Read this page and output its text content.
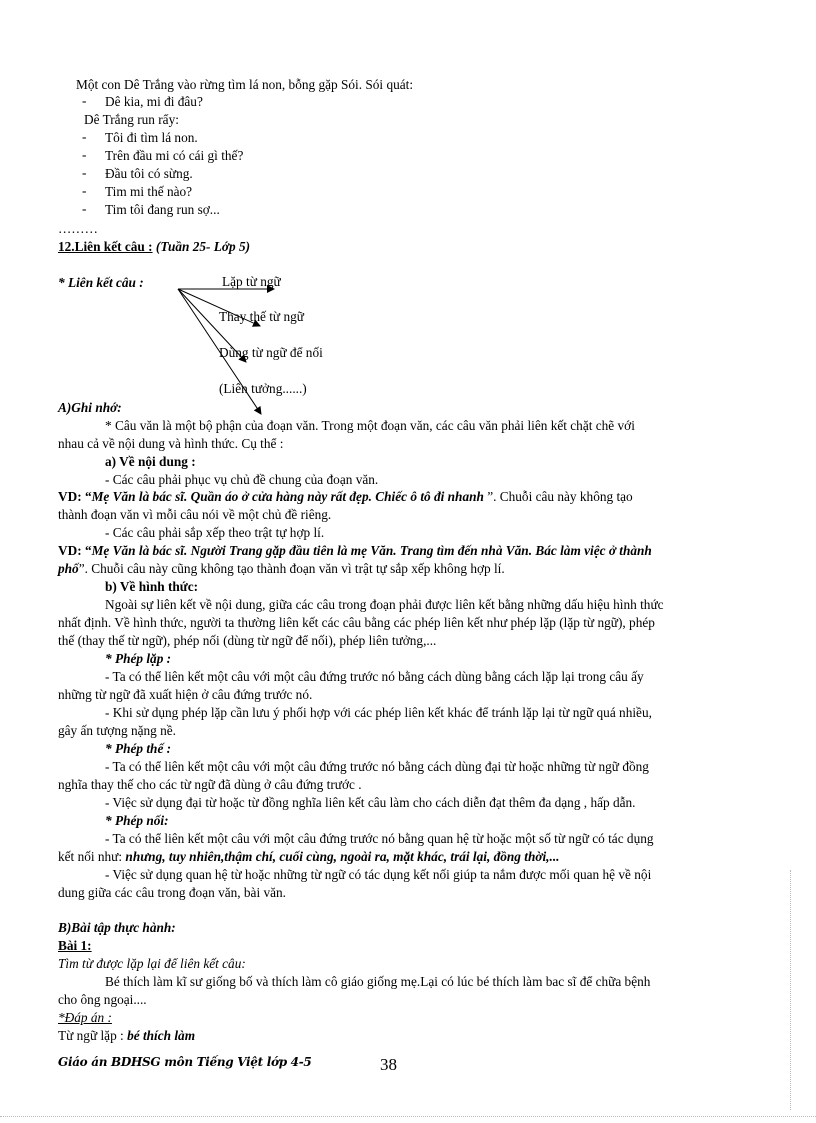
Một con Dê Trắng vào rừng tìm lá non, bỗng gặp Sói. Sói quát:
- Dê kia, mi đi đâu?
Dê Trắng run rẩy:
- Tôi đi tìm lá non.
- Trên đầu mi có cái gì thế?
- Đầu tôi có sừng.
- Tim mi thế nào?
- Tim tôi đang run sợ...
………
12.Liên kết câu : (Tuần 25- Lớp 5)
* Liên kết câu :	Lặp từ ngữ
Thay thế từ ngữ
Dùng từ ngữ để nối
(Liên tưởng......)
A)Ghi nhớ:
* Câu văn là một bộ phận của đoạn văn. Trong một đoạn văn, các câu văn phải liên kết chặt chẽ với
nhau cả về nội dung và hình thức. Cụ thể :
a) Về nội dung :
- Các câu phải phục vụ chủ đề chung của đoạn văn.
VD: “Mẹ Văn là bác sĩ. Quần áo ở cửa hàng này rất đẹp. Chiếc ô tô đi nhanh ”. Chuỗi câu này không tạo
thành đoạn văn vì mỗi câu nói về một chủ đề riêng.
- Các câu phải sắp xếp theo trật tự hợp lí.
VD: “Mẹ Văn là bác sĩ. Người Trang gặp đầu tiên là mẹ Văn. Trang tìm đến nhà Văn. Bác làm việc ở thành
phố”. Chuỗi câu này cũng không tạo thành đoạn văn vì trật tự sắp xếp không hợp lí.
b) Về hình thức:
Ngoài sự liên kết về nội dung, giữa các câu trong đoạn phải được liên kết bằng những dấu hiệu hình thức
nhất định. Về hình thức, người ta thường liên kết các câu bằng các phép liên kết như phép lặp (lặp từ ngữ), phép
thế (thay thế từ ngữ), phép nối (dùng từ ngữ để nối), phép liên tưởng,...
* Phép lặp :
- Ta có thể liên kết một câu với một câu đứng trước nó bằng cách dùng bằng cách lặp lại trong câu ấy
những từ ngữ đã xuất hiện ở câu đứng trước nó.
- Khi sử dụng phép lặp cần lưu ý phối hợp với các phép liên kết khác để tránh lặp lại từ ngữ quá nhiều,
gây ấn tượng nặng nề.
* Phép thế :
- Ta có thể liên kết một câu với một câu đứng trước nó bằng cách dùng đại từ hoặc những từ ngữ đồng
nghĩa thay thế cho các từ ngữ đã dùng ở câu đứng trước .
- Việc sử dụng đại từ hoặc từ đồng nghĩa liên kết câu làm cho cách diễn đạt thêm đa dạng , hấp dẫn.
* Phép nối:
- Ta có thể liên kết một câu với một câu đứng trước nó bằng quan hệ từ hoặc một số từ ngữ có tác dụng
kết nối như: nhưng, tuy nhiên,thậm chí, cuối cùng, ngoài ra, mặt khác, trái lại, đồng thời,...
- Việc sử dụng quan hệ từ hoặc những từ ngữ có tác dụng kết nối giúp ta nắm được mối quan hệ về nội
dung giữa các câu trong đoạn văn, bài văn.
B)Bài tập thực hành:
Bài 1:
Tìm từ được lặp lại để liên kết câu:
Bé thích làm kĩ sư giống bố và thích làm cô giáo giống mẹ.Lại có lúc bé thích làm bac sĩ để chữa bệnh
cho ông ngoại....
*Đáp án :
Từ ngữ lặp : bé thích làm
Giáo án BDHSG môn Tiếng Việt lớp 4-5	38
